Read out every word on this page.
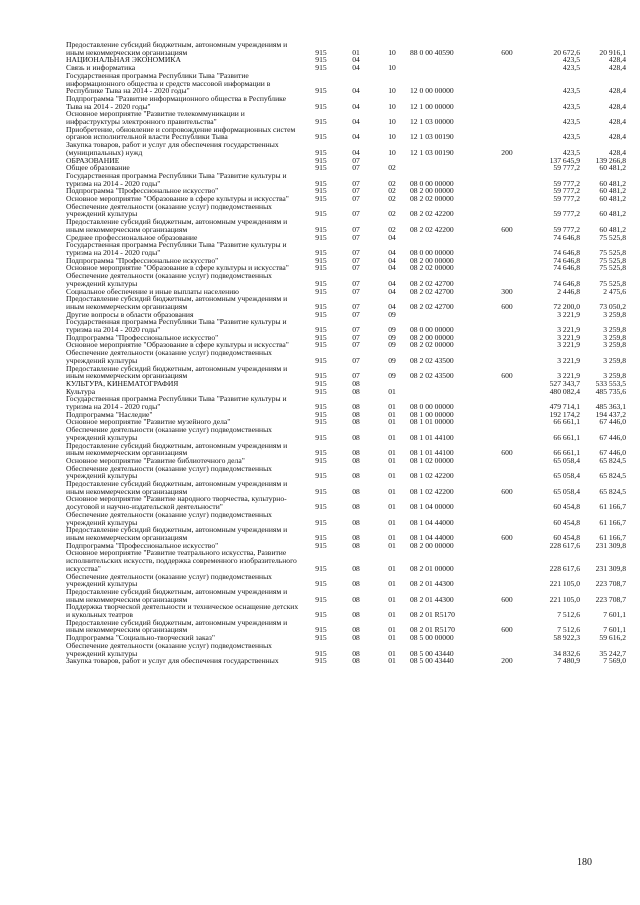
Предоставление субсидий бюджетным, автономным учреждениям и иным некоммерческим организациям	915	01	10	88 0 00 40590	600	20 672,6	20 916,1
НАЦИОНАЛЬНАЯ ЭКОНОМИКА	915	04				423,5	428,4
Связь и информатика	915	04	10			423,5	428,4
Государственная программа Республики Тыва "Развитие информационного общества и средств массовой информации в Республике Тыва на 2014 - 2020 годы"	915	04	10	12 0 00 00000		423,5	428,4
Подпрограмма "Развитие информационного общества в Республике Тыва на 2014 - 2020 годы"	915	04	10	12 1 00 00000		423,5	428,4
Основное мероприятие "Развитие телекоммуникации и инфраструктуры электронного правительства"	915	04	10	12 1 03 00000		423,5	428,4
Приобретение, обновление и сопровождение информационных систем органов исполнительной власти Республики Тыва	915	04	10	12 1 03 00190		423,5	428,4
Закупка товаров, работ и услуг для обеспечения государственных (муниципальных) нужд	915	04	10	12 1 03 00190	200	423,5	428,4
ОБРАЗОВАНИЕ	915	07				137 645,9	139 266,8
Общее образование	915	07	02			59 777,2	60 481,2
Государственная программа Республики Тыва "Развитие культуры и туризма на 2014 - 2020 годы"	915	07	02	08 0 00 00000		59 777,2	60 481,2
Подпрограмма "Профессиональное искусство"	915	07	02	08 2 00 00000		59 777,2	60 481,2
Основное мероприятие "Образование в сфере культуры и искусства"	915	07	02	08 2 02 00000		59 777,2	60 481,2
Обеспечение деятельности (оказание услуг) подведомственных учреждений культуры	915	07	02	08 2 02 42200		59 777,2	60 481,2
Предоставление субсидий бюджетным, автономным учреждениям и иным некоммерческим организациям	915	07	02	08 2 02 42200	600	59 777,2	60 481,2
Среднее профессиональное образование	915	07	04			74 646,8	75 525,8
Государственная программа Республики Тыва "Развитие культуры и туризма на 2014 - 2020 годы"	915	07	04	08 0 00 00000		74 646,8	75 525,8
Подпрограмма "Профессиональное искусство"	915	07	04	08 2 00 00000		74 646,8	75 525,8
Основное мероприятие "Образование в сфере культуры и искусства"	915	07	04	08 2 02 00000		74 646,8	75 525,8
Обеспечение деятельности (оказание услуг) подведомственных учреждений культуры	915	07	04	08 2 02 42700		74 646,8	75 525,8
Социальное обеспечение и иные выплаты населению	915	07	04	08 2 02 42700	300	2 446,8	2 475,6
Предоставление субсидий бюджетным, автономным учреждениям и иным некоммерческим организациям	915	07	04	08 2 02 42700	600	72 200,0	73 050,2
Другие вопросы в области образования	915	07	09			3 221,9	3 259,8
Государственная программа Республики Тыва "Развитие культуры и туризма на 2014 - 2020 годы"	915	07	09	08 0 00 00000		3 221,9	3 259,8
Подпрограмма "Профессиональное искусство"	915	07	09	08 2 00 00000		3 221,9	3 259,8
Основное мероприятие "Образование в сфере культуры и искусства"	915	07	09	08 2 02 00000		3 221,9	3 259,8
Обеспечение деятельности (оказание услуг) подведомственных учреждений культуры	915	07	09	08 2 02 43500		3 221,9	3 259,8
Предоставление субсидий бюджетным, автономным учреждениям и иным некоммерческим организациям	915	07	09	08 2 02 43500	600	3 221,9	3 259,8
КУЛЬТУРА, КИНЕМАТОГРАФИЯ	915	08				527 343,7	533 553,5
Культура	915	08	01			480 082,4	485 735,6
Государственная программа Республики Тыва "Развитие культуры и туризма на 2014 - 2020 годы"	915	08	01	08 0 00 00000		479 714,1	485 363,1
Подпрограмма "Наследие"	915	08	01	08 1 00 00000		192 174,2	194 437,2
Основное мероприятие "Развитие музейного дела"	915	08	01	08 1 01 00000		66 661,1	67 446,0
Обеспечение деятельности (оказание услуг) подведомственных учреждений культуры	915	08	01	08 1 01 44100		66 661,1	67 446,0
Предоставление субсидий бюджетным, автономным учреждениям и иным некоммерческим организациям	915	08	01	08 1 01 44100	600	66 661,1	67 446,0
Основное мероприятие "Развитие библиотечного дела"	915	08	01	08 1 02 00000		65 058,4	65 824,5
Обеспечение деятельности (оказание услуг) подведомственных учреждений культуры	915	08	01	08 1 02 42200		65 058,4	65 824,5
Предоставление субсидий бюджетным, автономным учреждениям и иным некоммерческим организациям	915	08	01	08 1 02 42200	600	65 058,4	65 824,5
Основное мероприятие "Развитие народного творчества, культурно-досуговой и научно-издательской деятельности"	915	08	01	08 1 04 00000		60 454,8	61 166,7
Обеспечение деятельности (оказание услуг) подведомственных учреждений культуры	915	08	01	08 1 04 44000		60 454,8	61 166,7
Предоставление субсидий бюджетным, автономным учреждениям и иным некоммерческим организациям	915	08	01	08 1 04 44000	600	60 454,8	61 166,7
Подпрограмма "Профессиональное искусство"	915	08	01	08 2 00 00000		228 617,6	231 309,8
Основное мероприятие "Развитие театрального искусства, Развитие исполнительских искусств, поддержка современного изобразительного искусства"	915	08	01	08 2 01 00000		228 617,6	231 309,8
Обеспечение деятельности (оказание услуг) подведомственных учреждений культуры	915	08	01	08 2 01 44300		221 105,0	223 708,7
Предоставление субсидий бюджетным, автономным учреждениям и иным некоммерческим организациям	915	08	01	08 2 01 44300	600	221 105,0	223 708,7
Поддержка творческой деятельности и техническое оснащение детских и кукольных театров	915	08	01	08 2 01 R5170		7 512,6	7 601,1
Предоставление субсидий бюджетным, автономным учреждениям и иным некоммерческим организациям	915	08	01	08 2 01 R5170	600	7 512,6	7 601,1
Подпрограмма "Социально-творческий заказ"	915	08	01	08 5 00 00000		58 922,3	59 616,2
Обеспечение деятельности (оказание услуг) подведомственных учреждений культуры	915	08	01	08 5 00 43440		34 832,6	35 242,7
Закупка товаров, работ и услуг для обеспечения государственных	915	08	01	08 5 00 43440	200	7 480,9	7 569,0
180
